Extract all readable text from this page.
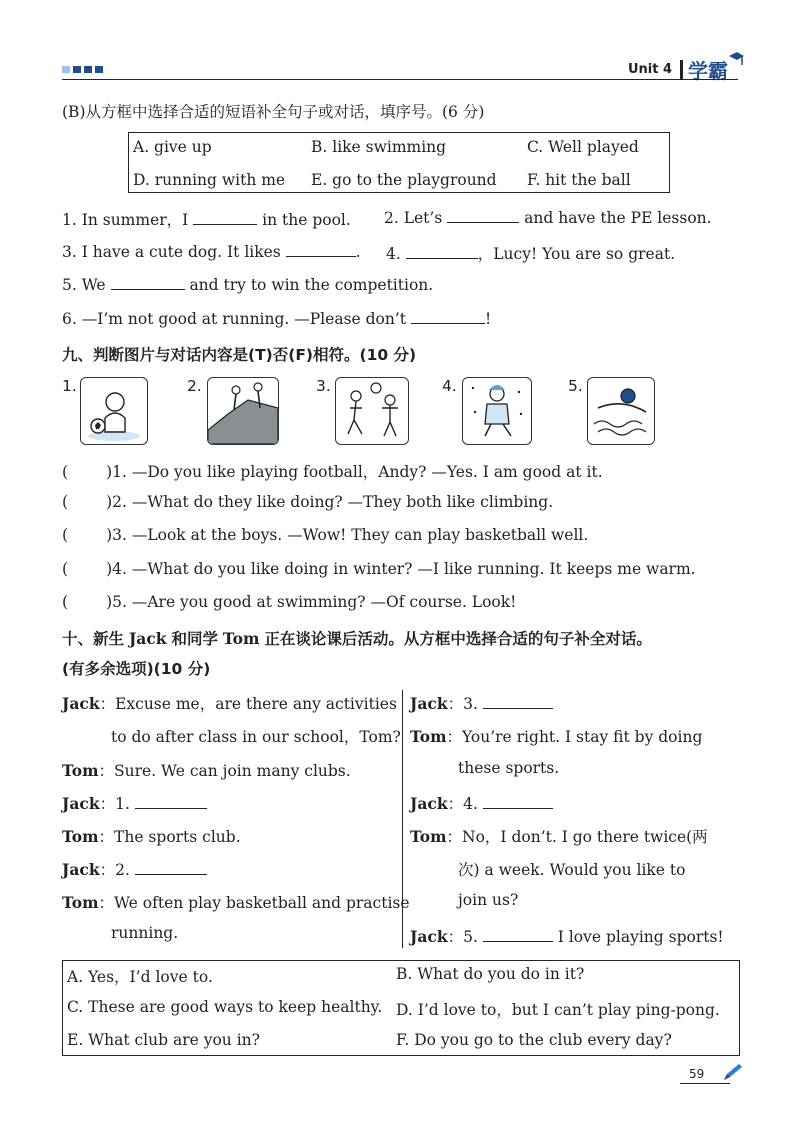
Unit 4 学霸
(B)从方框中选择合适的短语补全句子或对话，填序号。(6 分)
A. give up	B. like swimming	C. Well played
D. running with me E. go to the playground F. hit the ball
1. In summer，I	in the pool. 2. Let’s	and have the PE lesson.
3. I have a cute dog. It likes	. 4.	，Lucy! You are so great.
5. We	and try to win the competition.
6. —I’m not good at running. —Please don’t	!
九、判断图片与对话内容是(T)否(F)相符。(10 分)
1.	2.	3.	4.	5.
( )1. —Do you like playing football，Andy? —Yes. I am good at it.
( )2. —What do they like doing? —They both like climbing.
( )3. —Look at the boys. —Wow! They can play basketball well.
( )4. —What do you like doing in winter? —I like running. It keeps me warm.
( )5. —Are you good at swimming? —Of course. Look!
十、新生 Jack 和同学 Tom 正在谈论课后活动。从方框中选择合适的句子补全对话。
(有多余选项)(10 分)
Jack：Excuse me，are there any activities
to do after class in our school，Tom?
Tom：Sure. We can join many clubs.
Jack：1.
Tom：The sports club.
Jack：2.
Tom：We often play basketball and practise
running.
Jack：3.
Tom：You’re right. I stay fit by doing
these sports.
Jack：4.
Tom：No，I don’t. I go there twice(两
次) a week. Would you like to
join us?
Jack：5.	I love playing sports!
A. Yes，I’d love to.	B. What do you do in it?
C. These are good ways to keep healthy. D. I’d love to，but I can’t play ping-pong.
E. What club are you in?	F. Do you go to the club every day?
59
